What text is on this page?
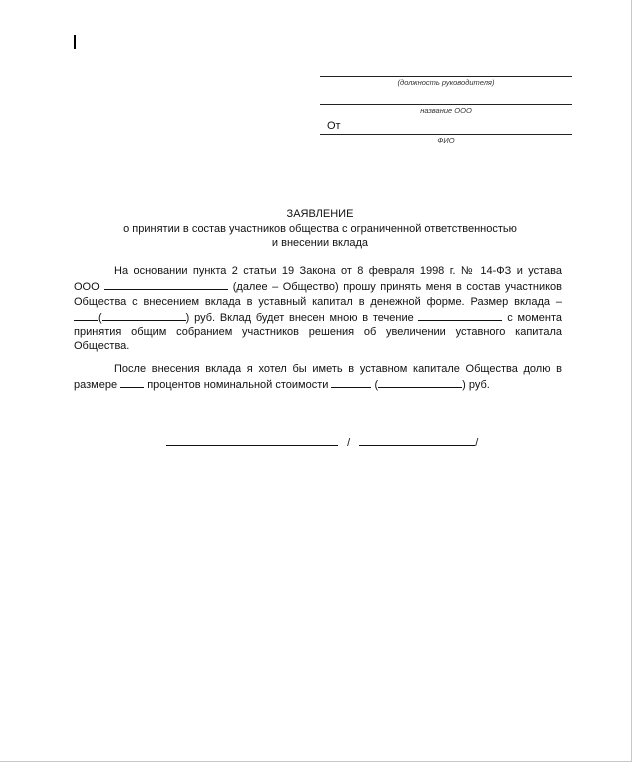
(должность руководителя)
название ООО
От
ФИО
ЗАЯВЛЕНИЕ
о принятии в состав участников общества с ограниченной ответственностью
и внесении вклада
На основании пункта 2 статьи 19 Закона от 8 февраля 1998 г. № 14-ФЗ и устава
ООО	(далее – Общество) прошу принять меня в состав участников
Общества с внесением вклада в уставный капитал в денежной форме. Размер вклада –
(	) руб. Вклад будет внесен мною в течение	с момента
принятия общим собранием участников решения об увеличении уставного капитала
Общества.
После внесения вклада я хотел бы иметь в уставном капитале Общества долю в
размере	процентов номинальной стоимости	(	) руб.
/	/
